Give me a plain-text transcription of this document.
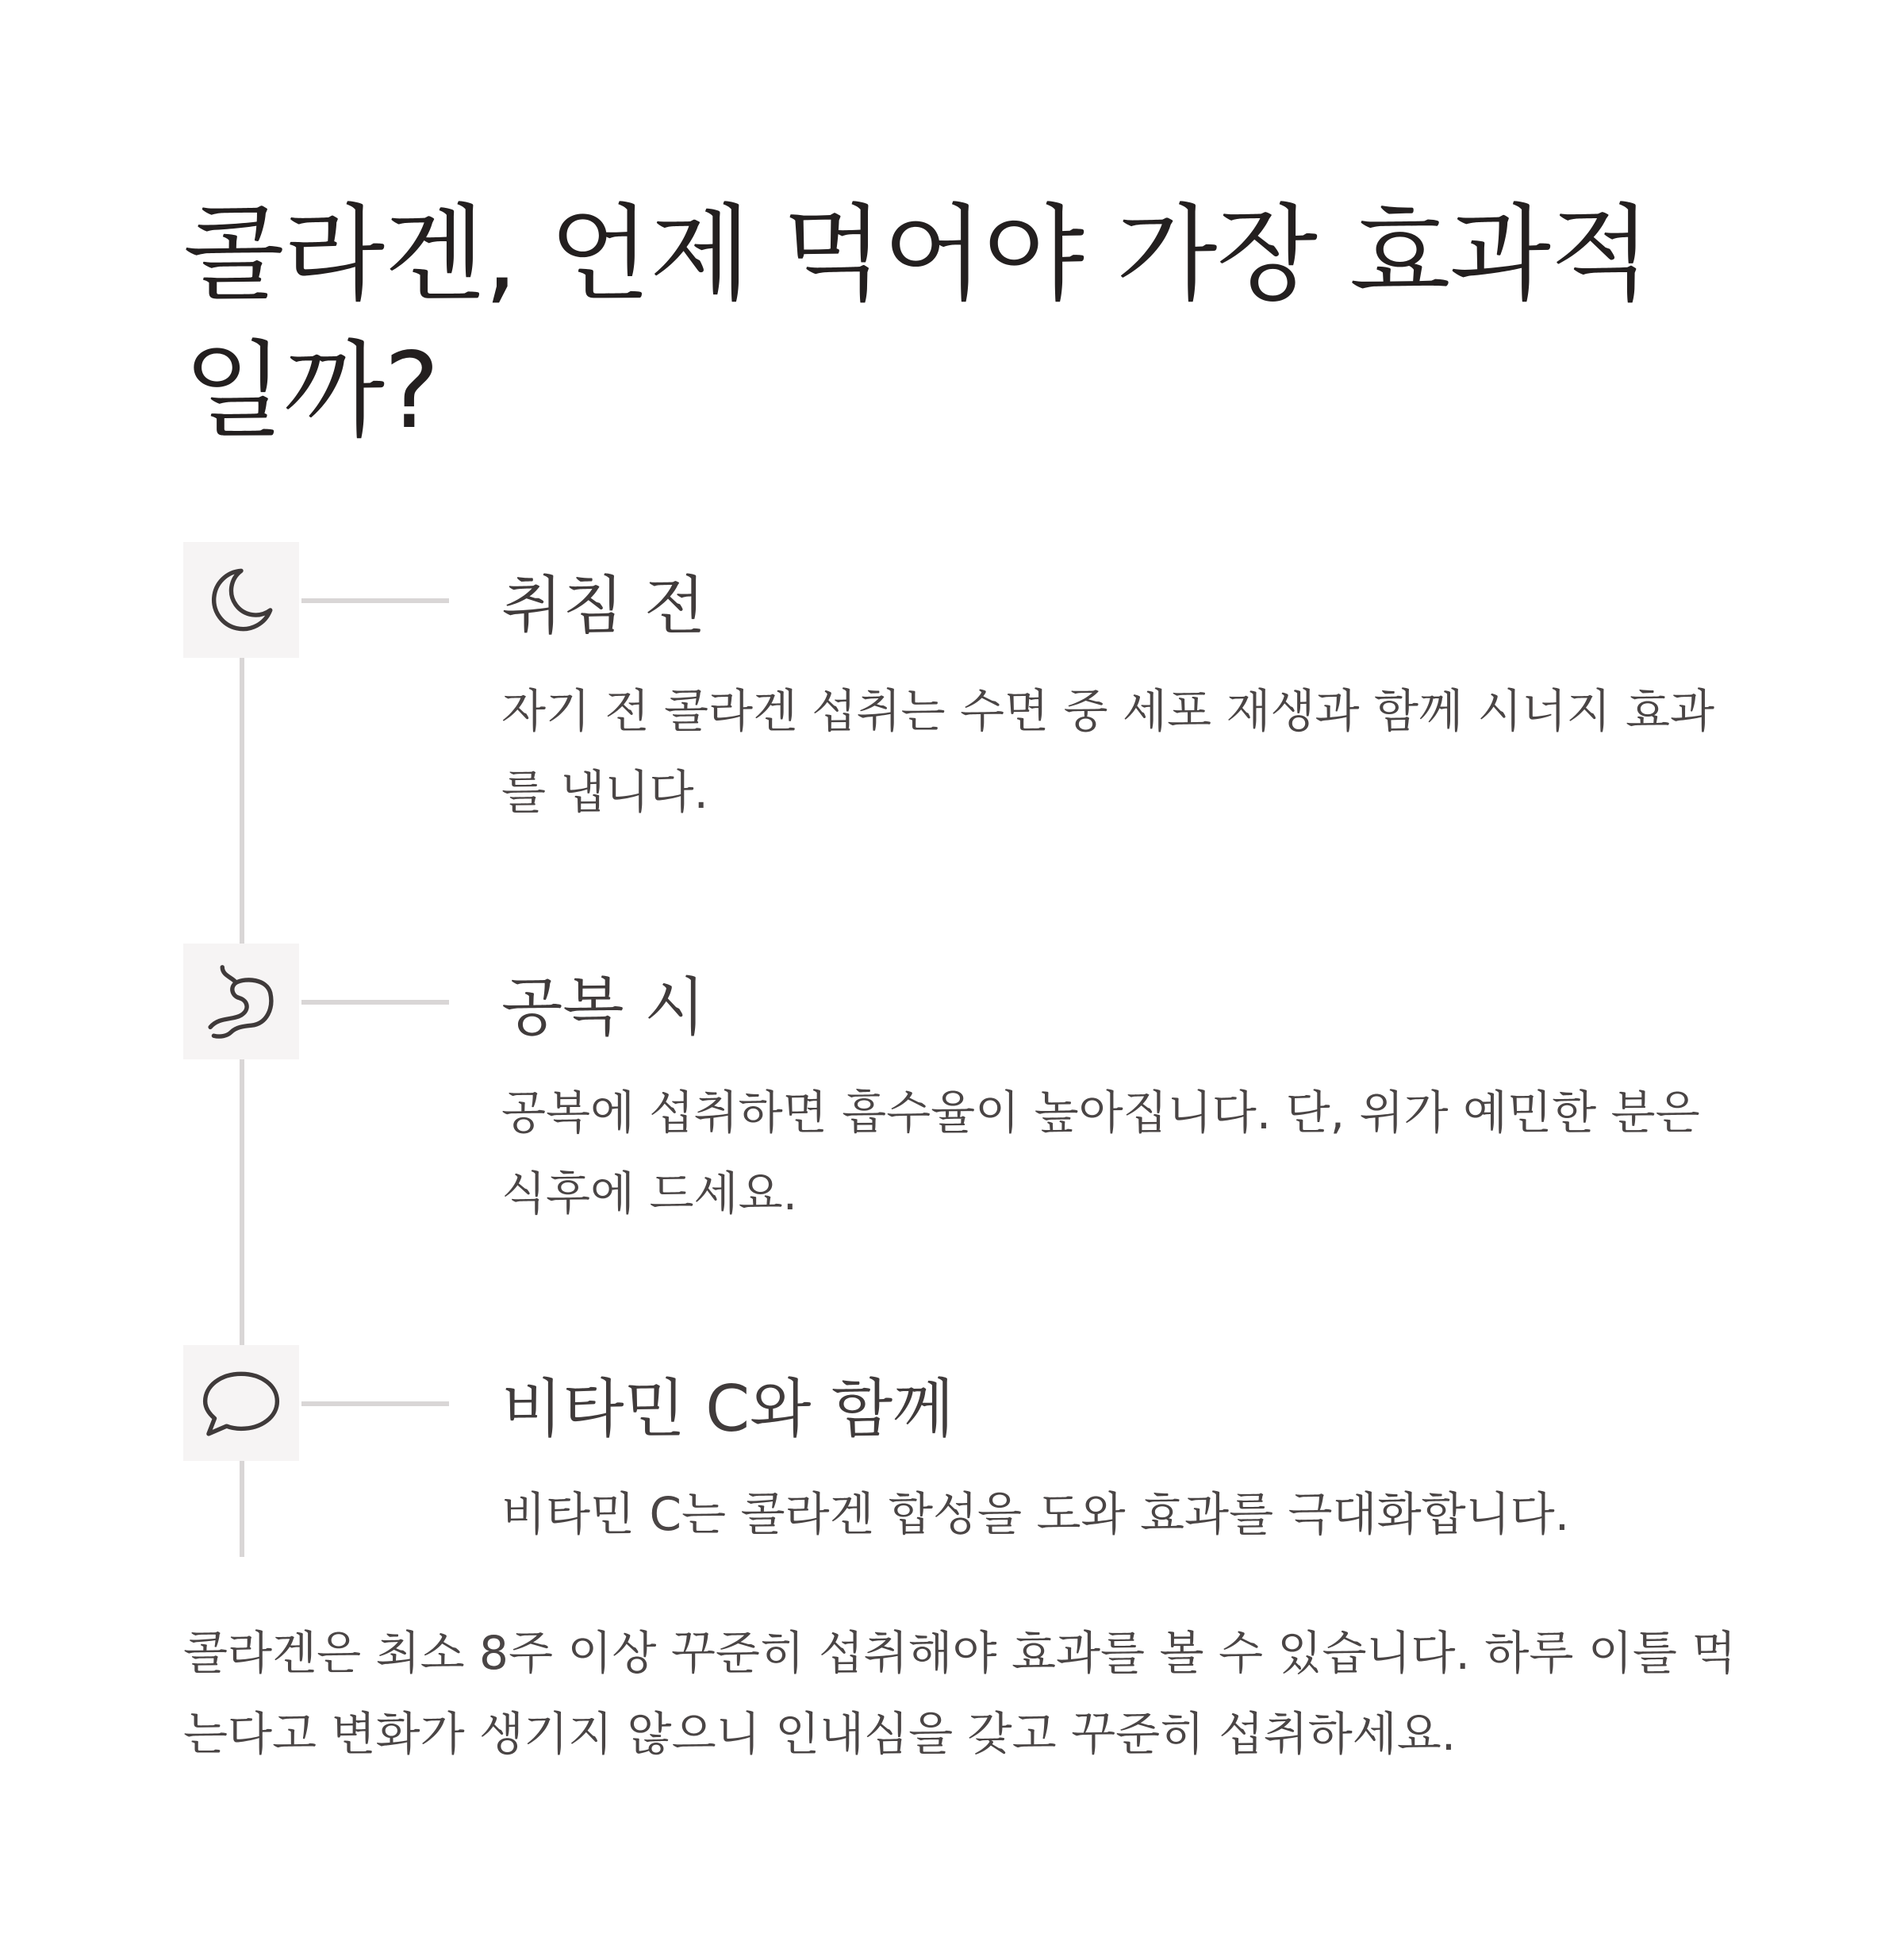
콜라겐, 언제 먹어야 가장 효과적일까?
취침 전

자기 전 콜라겐 섭취는 수면 중 세포 재생과 함께 시너지 효과를 냅니다.

공복 시

공복에 섭취하면 흡수율이 높아집니다. 단, 위가 예민한 분은 식후에 드세요.

비타민 C와 함께

비타민 C는 콜라겐 합성을 도와 효과를 극대화합니다.

콜라겐은 최소 8주 이상 꾸준히 섭취해야 효과를 볼 수 있습니다. 하루 이틀 먹는다고 변화가 생기지 않으니 인내심을 갖고 꾸준히 섭취하세요.
